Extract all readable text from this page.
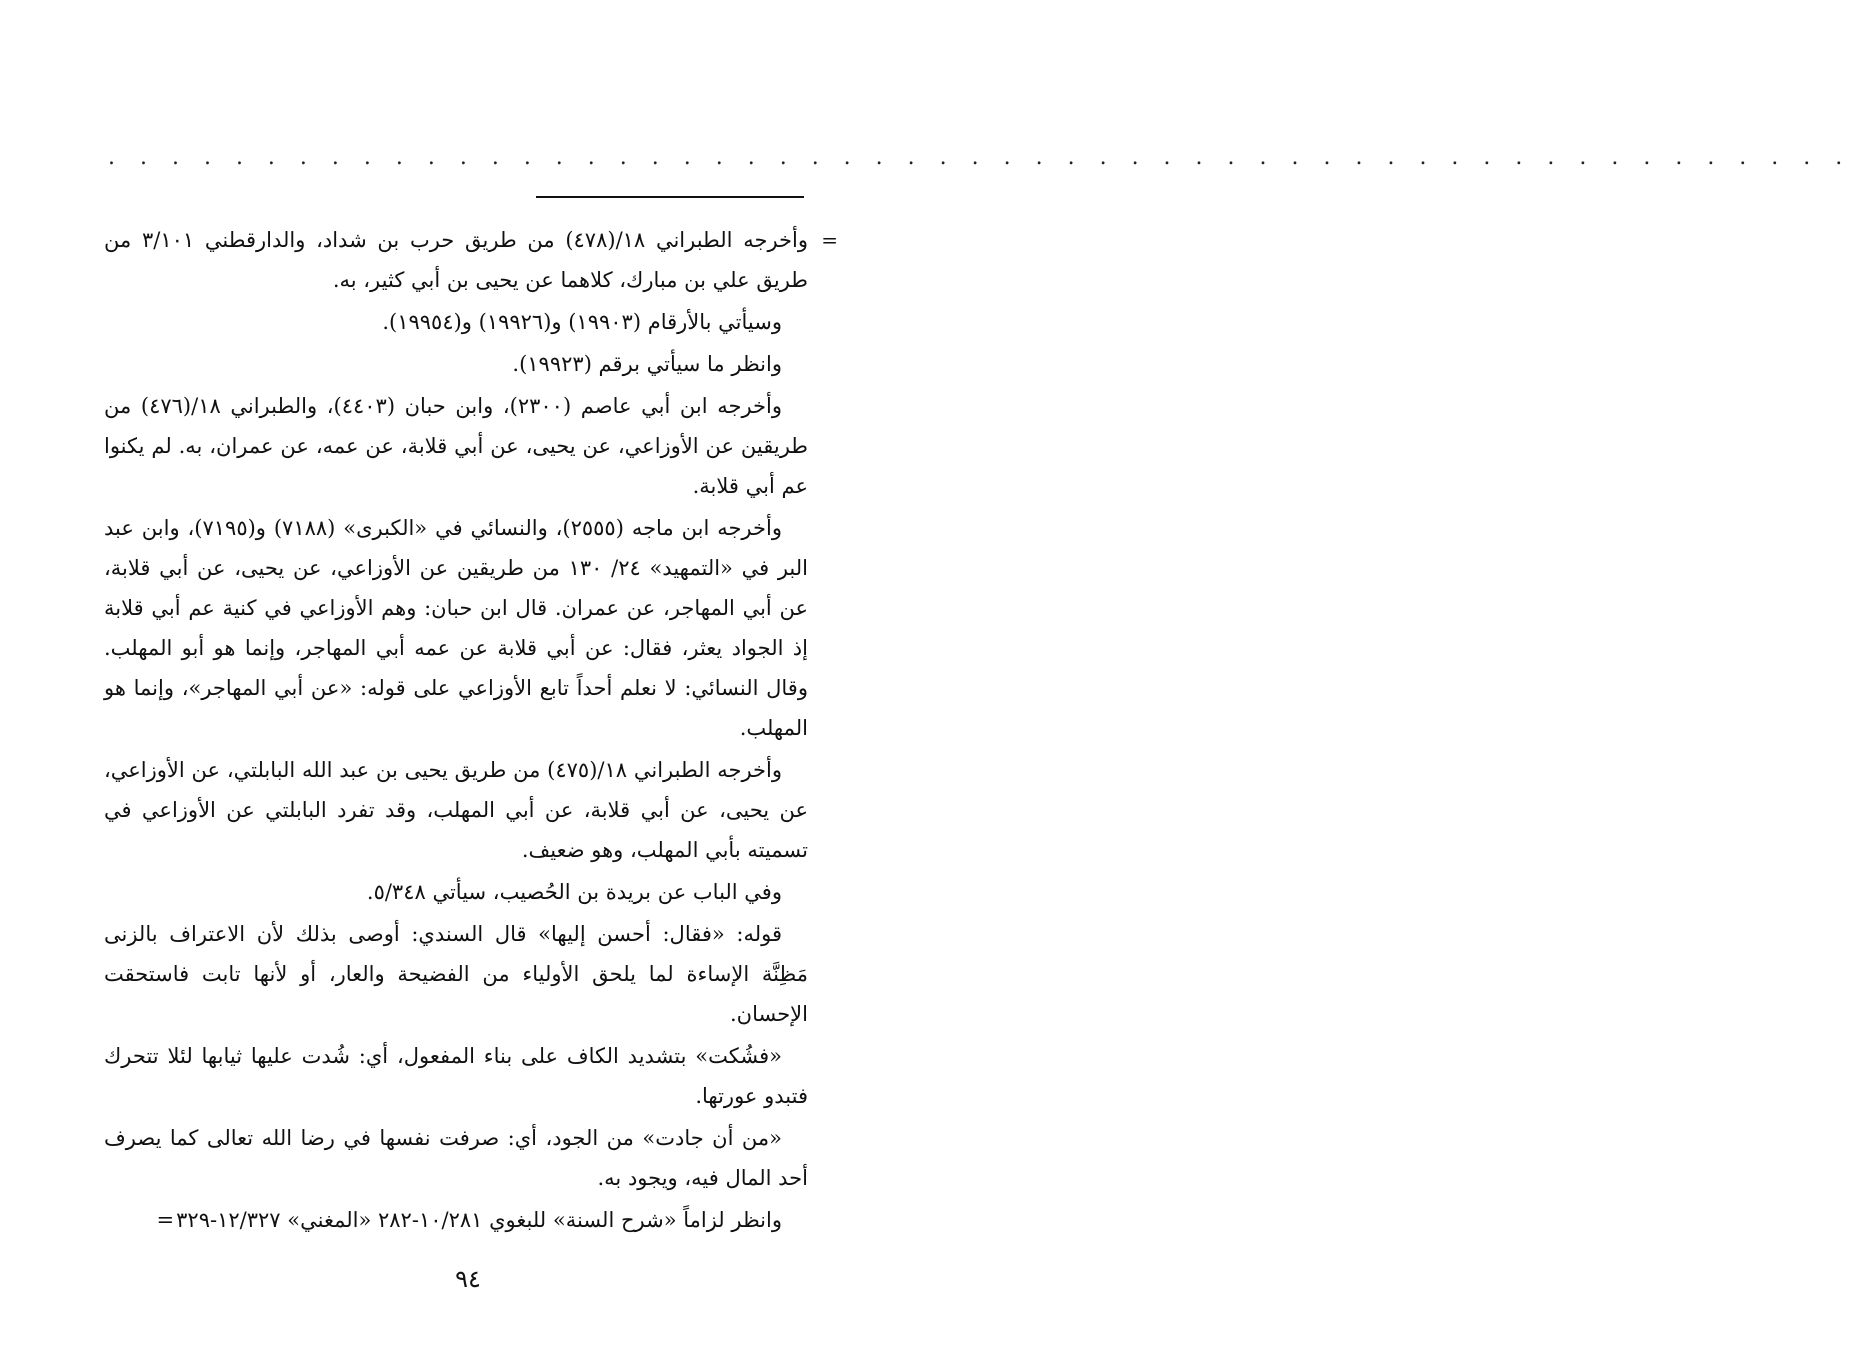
. . . . . . . . . . . . . . . . . . . . . . . . . . . . . . . . . . . . . . . . . . . . . . . . . . . . . . .

=
وأخرجه الطبراني ١٨/(٤٧٨) من طريق حرب بن شداد، والدارقطني ٣/١٠١ من طريق علي بن مبارك، كلاهما عن يحيى بن أبي كثير، به.

وسيأتي بالأرقام (١٩٩٠٣) و(١٩٩٢٦) و(١٩٩٥٤).

وانظر ما سيأتي برقم (١٩٩٢٣).

وأخرجه ابن أبي عاصم (٢٣٠٠)، وابن حبان (٤٤٠٣)، والطبراني ١٨/(٤٧٦) من طريقين عن الأوزاعي، عن يحيى، عن أبي قلابة، عن عمه، عن عمران، به. لم يكنوا عم أبي قلابة.

وأخرجه ابن ماجه (٢٥٥٥)، والنسائي في «الكبرى» (٧١٨٨) و(٧١٩٥)، وابن عبد البر في «التمهيد» ٢٤/ ١٣٠ من طريقين عن الأوزاعي، عن يحيى، عن أبي قلابة، عن أبي المهاجر، عن عمران. قال ابن حبان: وهم الأوزاعي في كنية عم أبي قلابة إذ الجواد يعثر، فقال: عن أبي قلابة عن عمه أبي المهاجر، وإنما هو أبو المهلب. وقال النسائي: لا نعلم أحداً تابع الأوزاعي على قوله: «عن أبي المهاجر»، وإنما هو المهلب.

وأخرجه الطبراني ١٨/(٤٧٥) من طريق يحيى بن عبد الله البابلتي، عن الأوزاعي، عن يحيى، عن أبي قلابة، عن أبي المهلب، وقد تفرد البابلتي عن الأوزاعي في تسميته بأبي المهلب، وهو ضعيف.

وفي الباب عن بريدة بن الحُصيب، سيأتي ٥/٣٤٨.

قوله: «فقال: أحسن إليها» قال السندي: أوصى بذلك لأن الاعتراف بالزنى مَظِنَّة الإساءة لما يلحق الأولياء من الفضيحة والعار، أو لأنها تابت فاستحقت الإحسان.

«فشُكت» بتشديد الكاف على بناء المفعول، أي: شُدت عليها ثيابها لئلا تتحرك فتبدو عورتها.

«من أن جادت» من الجود، أي: صرفت نفسها في رضا الله تعالى كما يصرف أحد المال فيه، ويجود به.

وانظر لزاماً «شرح السنة» للبغوي ١٠/٢٨١-٢٨٢ «المغني» ١٢/٣٢٧-٣٢٩=

٩٤
